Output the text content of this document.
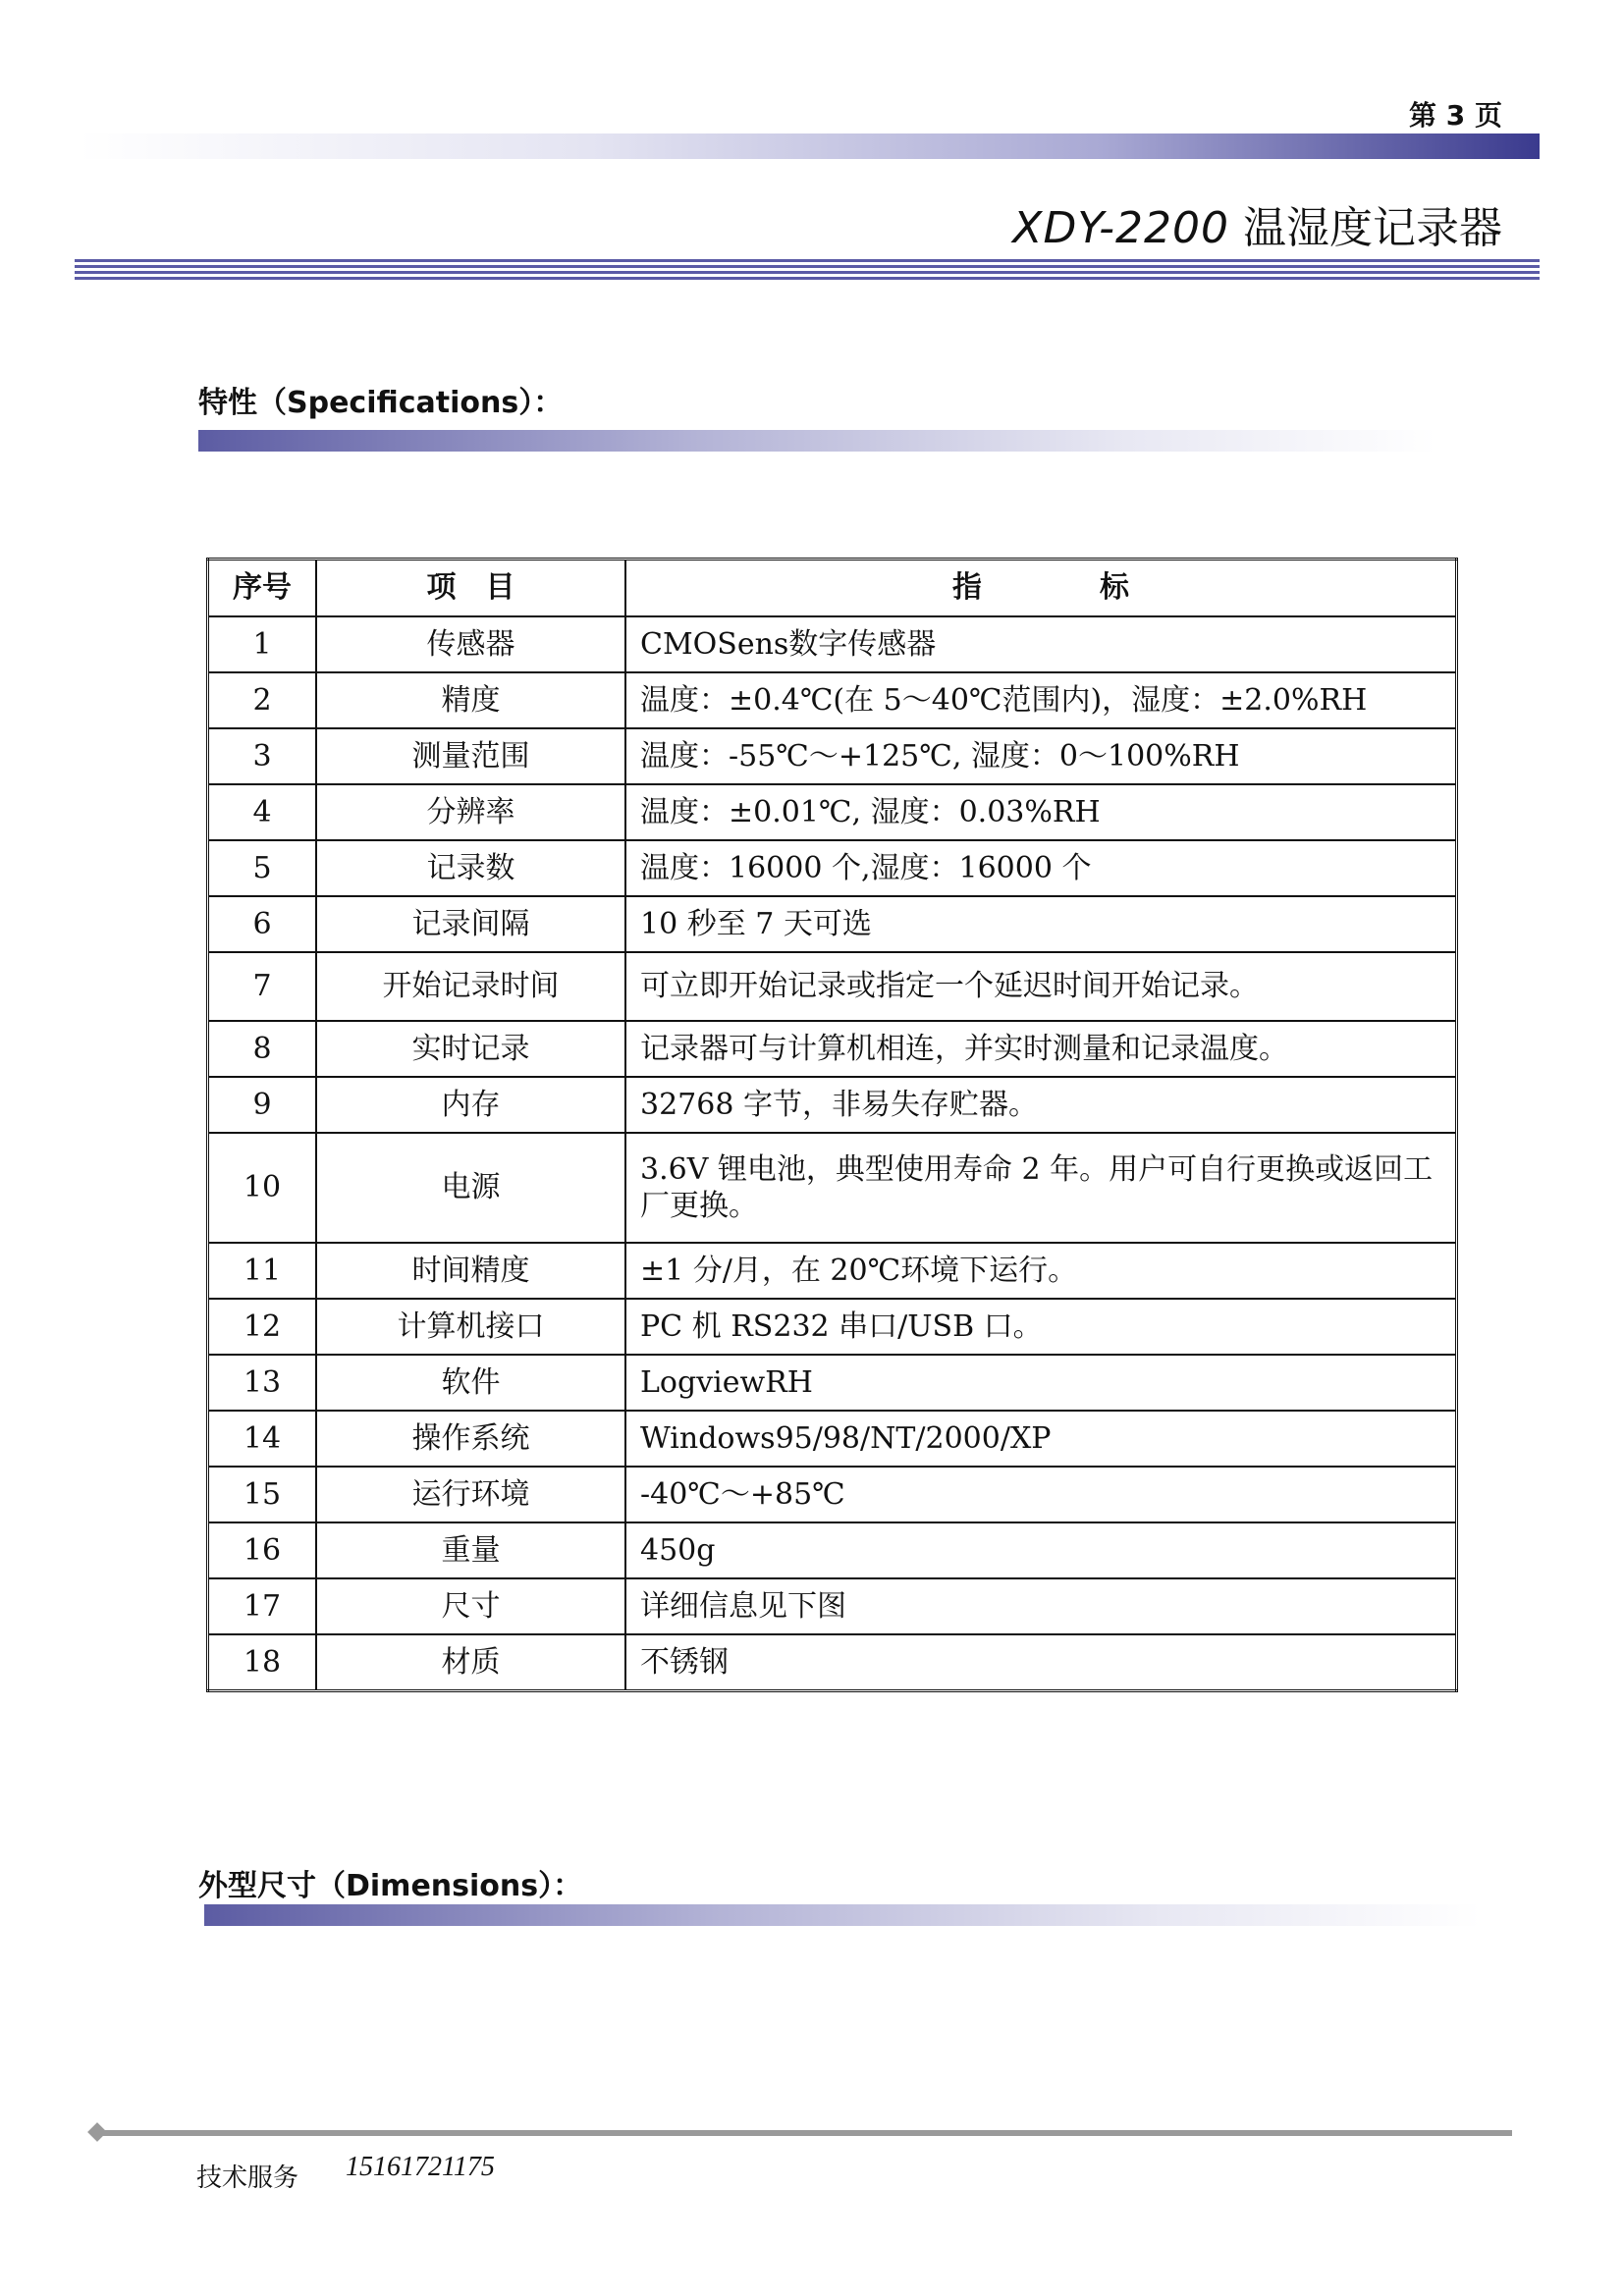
第 3 页
XDY-2200 温湿度记录器
特性（Specifications）：
序号	项　目	指　　　　标
1	传感器	CMOSens数字传感器
2	精度	温度：±0.4℃(在 5～40℃范围内)，湿度：±2.0%RH
3	测量范围	温度：-55℃～+125℃, 湿度：0～100%RH
4	分辨率	温度：±0.01℃, 湿度：0.03%RH
5	记录数	温度：16000 个,湿度：16000 个
6	记录间隔	10 秒至 7 天可选
7	开始记录时间	可立即开始记录或指定一个延迟时间开始记录。
8	实时记录	记录器可与计算机相连，并实时测量和记录温度。
9	内存	32768 字节，非易失存贮器。
10	电源	3.6V 锂电池，典型使用寿命 2 年。用户可自行更换或返回工厂更换。
11	时间精度	±1 分/月，在 20℃环境下运行。
12	计算机接口	PC 机 RS232 串口/USB 口。
13	软件	LogviewRH
14	操作系统	Windows95/98/NT/2000/XP
15	运行环境	-40℃～+85℃
16	重量	450g
17	尺寸	详细信息见下图
18	材质	不锈钢
外型尺寸（Dimensions）：
技术服务 15161721175
